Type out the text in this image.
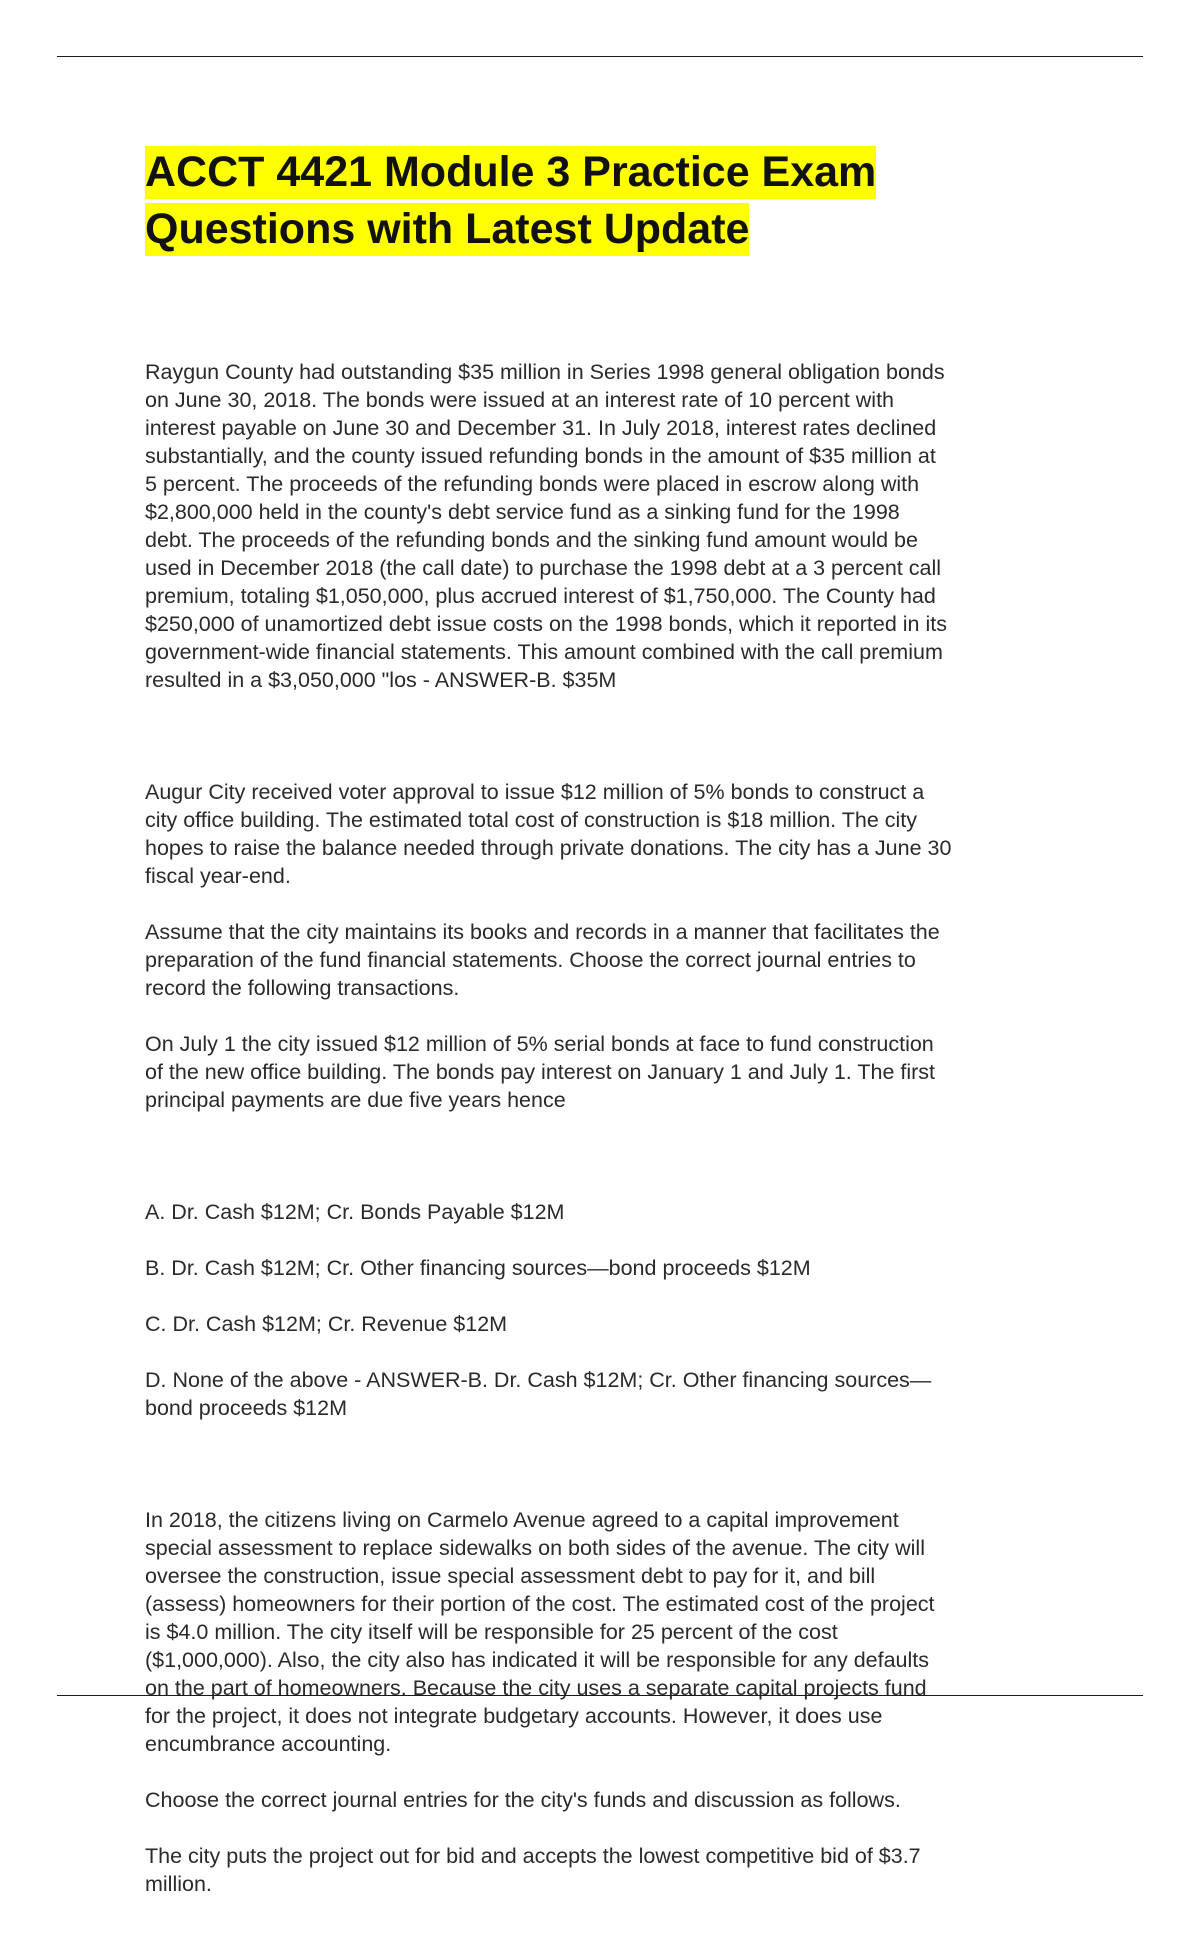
ACCT 4421 Module 3 Practice Exam
Questions with Latest Update

Raygun County had outstanding $35 million in Series 1998 general obligation bonds
on June 30, 2018. The bonds were issued at an interest rate of 10 percent with
interest payable on June 30 and December 31. In July 2018, interest rates declined
substantially, and the county issued refunding bonds in the amount of $35 million at
5 percent. The proceeds of the refunding bonds were placed in escrow along with
$2,800,000 held in the county's debt service fund as a sinking fund for the 1998
debt. The proceeds of the refunding bonds and the sinking fund amount would be
used in December 2018 (the call date) to purchase the 1998 debt at a 3 percent call
premium, totaling $1,050,000, plus accrued interest of $1,750,000. The County had
$250,000 of unamortized debt issue costs on the 1998 bonds, which it reported in its
government-wide financial statements. This amount combined with the call premium
resulted in a $3,050,000 "los - ANSWER-B. $35M

Augur City received voter approval to issue $12 million of 5% bonds to construct a
city office building. The estimated total cost of construction is $18 million. The city
hopes to raise the balance needed through private donations. The city has a June 30
fiscal year-end.

Assume that the city maintains its books and records in a manner that facilitates the
preparation of the fund financial statements. Choose the correct journal entries to
record the following transactions.

On July 1 the city issued $12 million of 5% serial bonds at face to fund construction
of the new office building. The bonds pay interest on January 1 and July 1. The first
principal payments are due five years hence

A. Dr. Cash $12M; Cr. Bonds Payable $12M

B. Dr. Cash $12M; Cr. Other financing sources—bond proceeds $12M

C. Dr. Cash $12M; Cr. Revenue $12M

D. None of the above - ANSWER-B. Dr. Cash $12M; Cr. Other financing sources—
bond proceeds $12M

In 2018, the citizens living on Carmelo Avenue agreed to a capital improvement
special assessment to replace sidewalks on both sides of the avenue. The city will
oversee the construction, issue special assessment debt to pay for it, and bill
(assess) homeowners for their portion of the cost. The estimated cost of the project
is $4.0 million. The city itself will be responsible for 25 percent of the cost
($1,000,000). Also, the city also has indicated it will be responsible for any defaults
on the part of homeowners. Because the city uses a separate capital projects fund
for the project, it does not integrate budgetary accounts. However, it does use
encumbrance accounting.

Choose the correct journal entries for the city's funds and discussion as follows.

The city puts the project out for bid and accepts the lowest competitive bid of $3.7
million.
